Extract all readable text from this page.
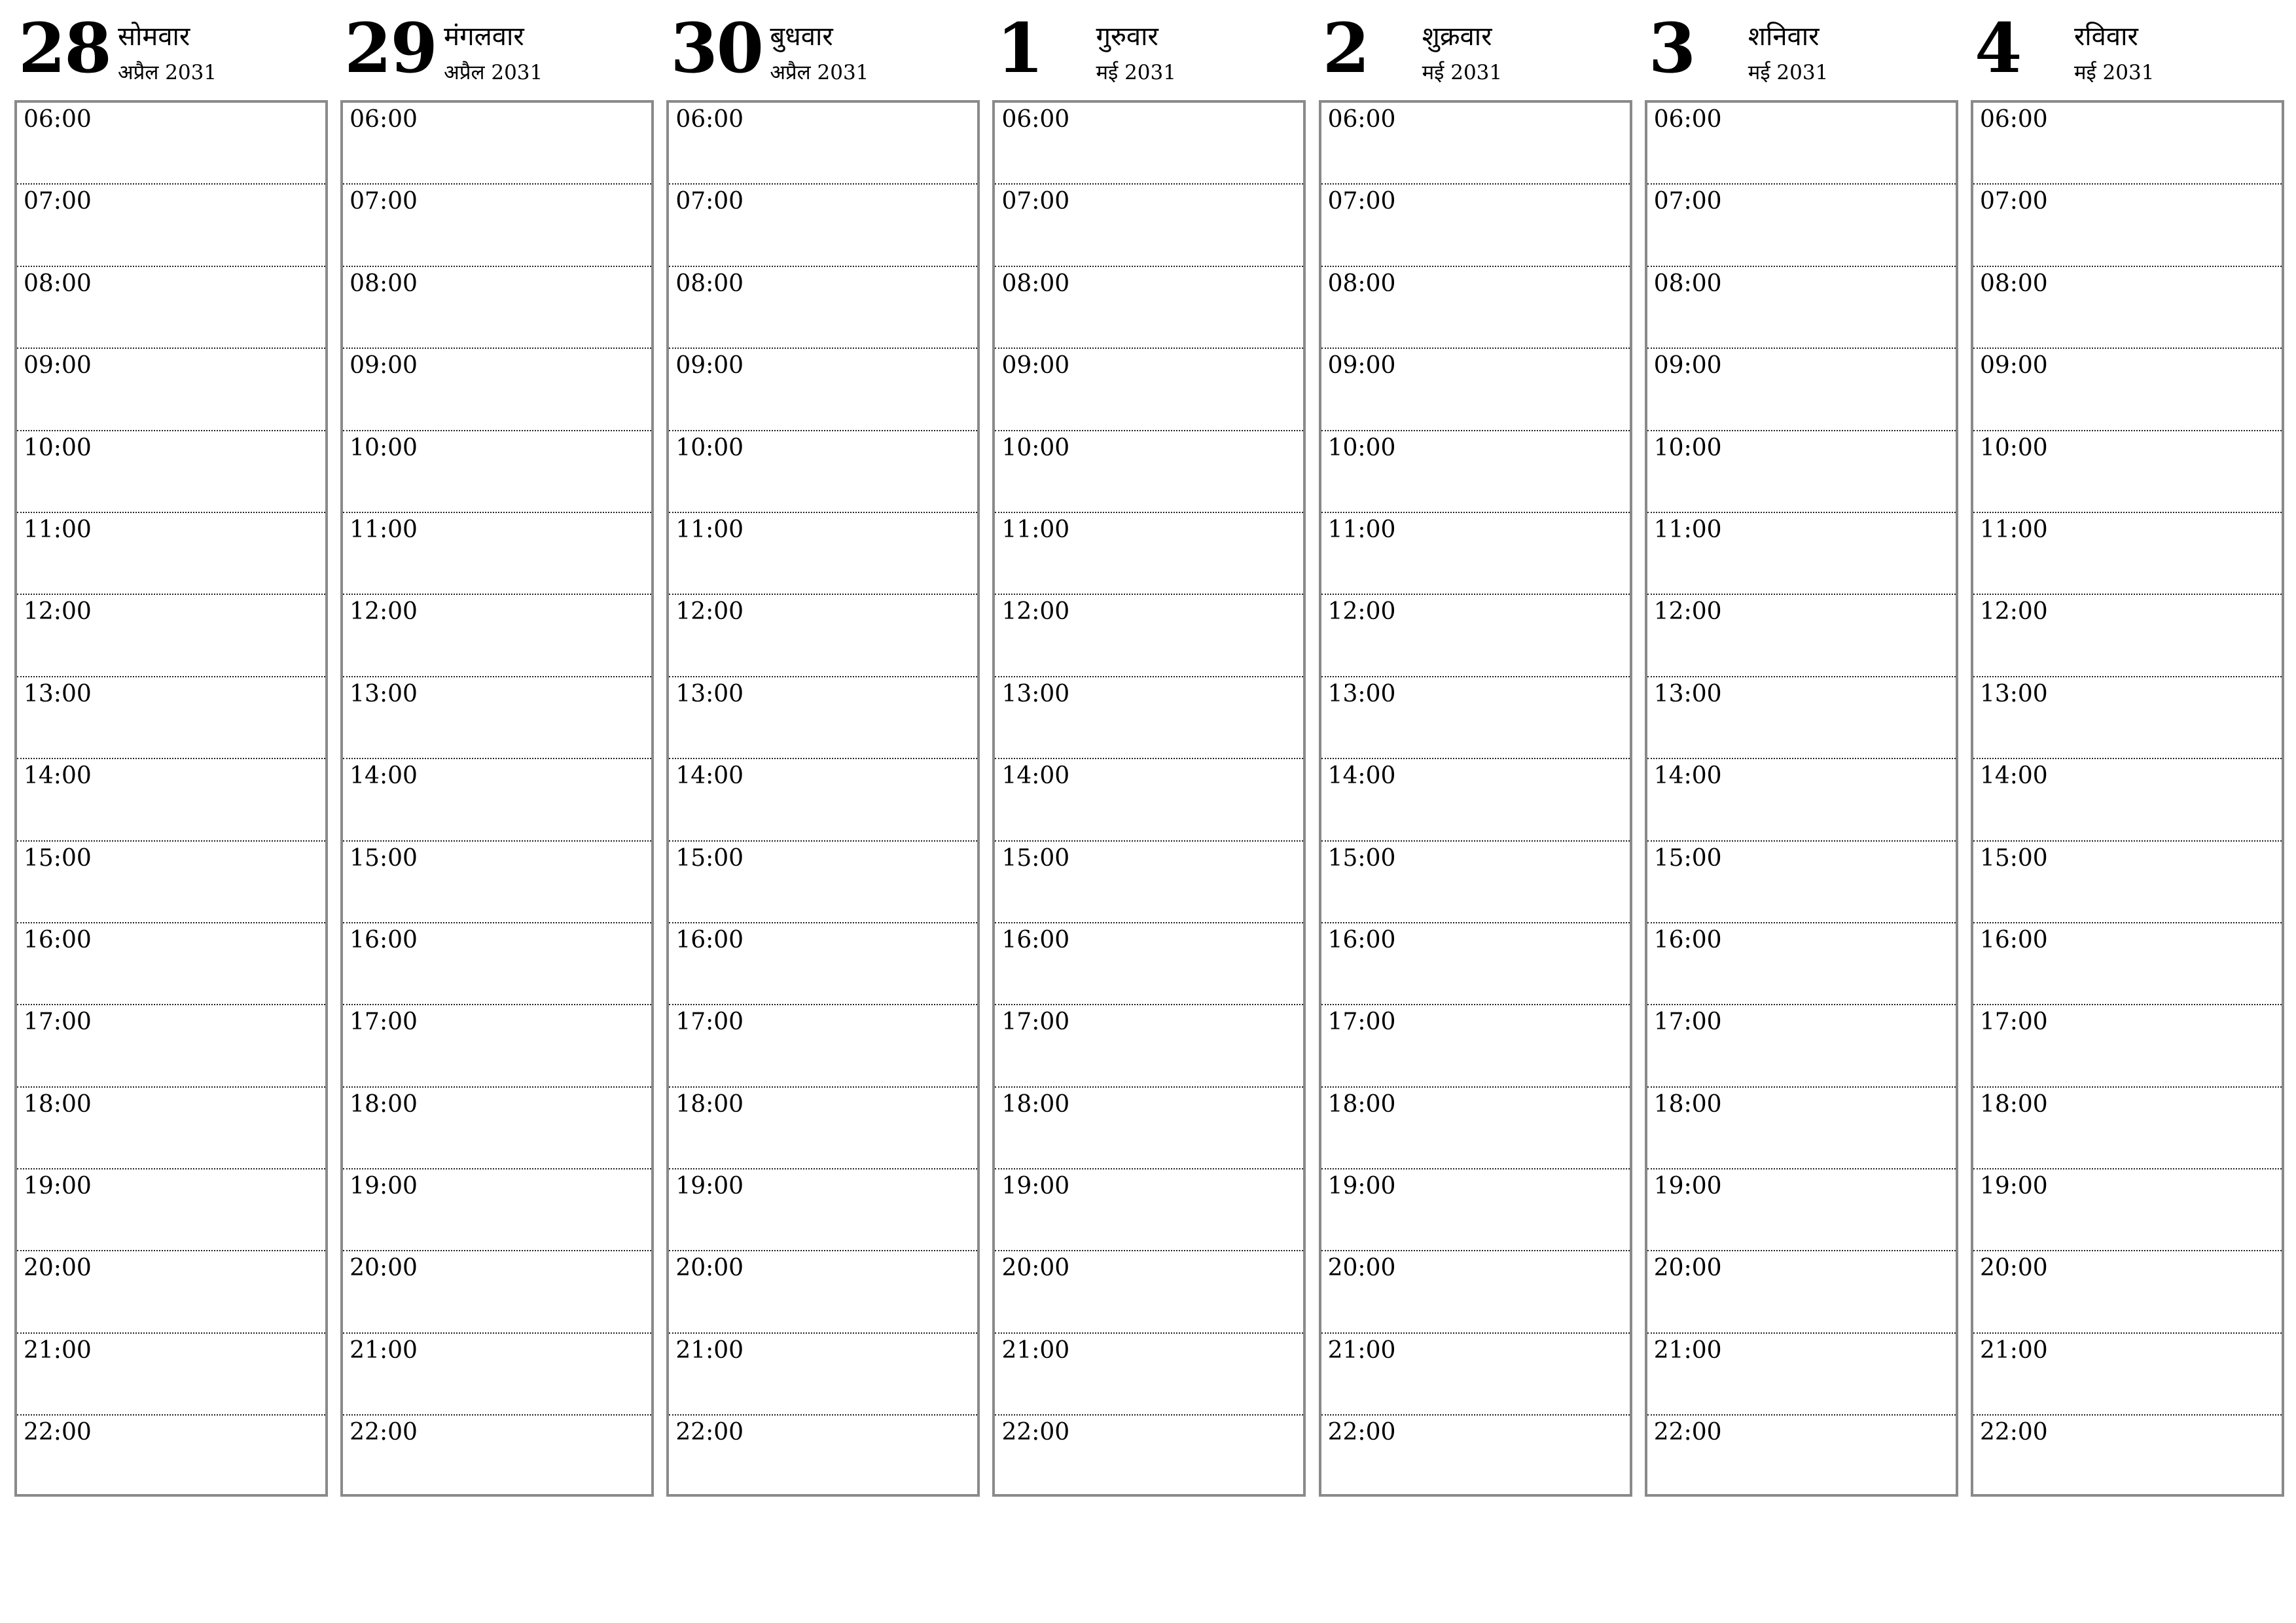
28 सोमवार
अप्रैल 2031
06:00
07:00
08:00
09:00
10:00
11:00
12:00
13:00
14:00
15:00
16:00
17:00
18:00
19:00
20:00
21:00
22:00
29 मंगलवार
अप्रैल 2031
06:00
07:00
08:00
09:00
10:00
11:00
12:00
13:00
14:00
15:00
16:00
17:00
18:00
19:00
20:00
21:00
22:00
30 बुधवार
अप्रैल 2031
06:00
07:00
08:00
09:00
10:00
11:00
12:00
13:00
14:00
15:00
16:00
17:00
18:00
19:00
20:00
21:00
22:00
1 गुरुवार
मई 2031
06:00
07:00
08:00
09:00
10:00
11:00
12:00
13:00
14:00
15:00
16:00
17:00
18:00
19:00
20:00
21:00
22:00
2 शुक्रवार
मई 2031
06:00
07:00
08:00
09:00
10:00
11:00
12:00
13:00
14:00
15:00
16:00
17:00
18:00
19:00
20:00
21:00
22:00
3 शनिवार
मई 2031
06:00
07:00
08:00
09:00
10:00
11:00
12:00
13:00
14:00
15:00
16:00
17:00
18:00
19:00
20:00
21:00
22:00
4 रविवार
मई 2031
06:00
07:00
08:00
09:00
10:00
11:00
12:00
13:00
14:00
15:00
16:00
17:00
18:00
19:00
20:00
21:00
22:00
